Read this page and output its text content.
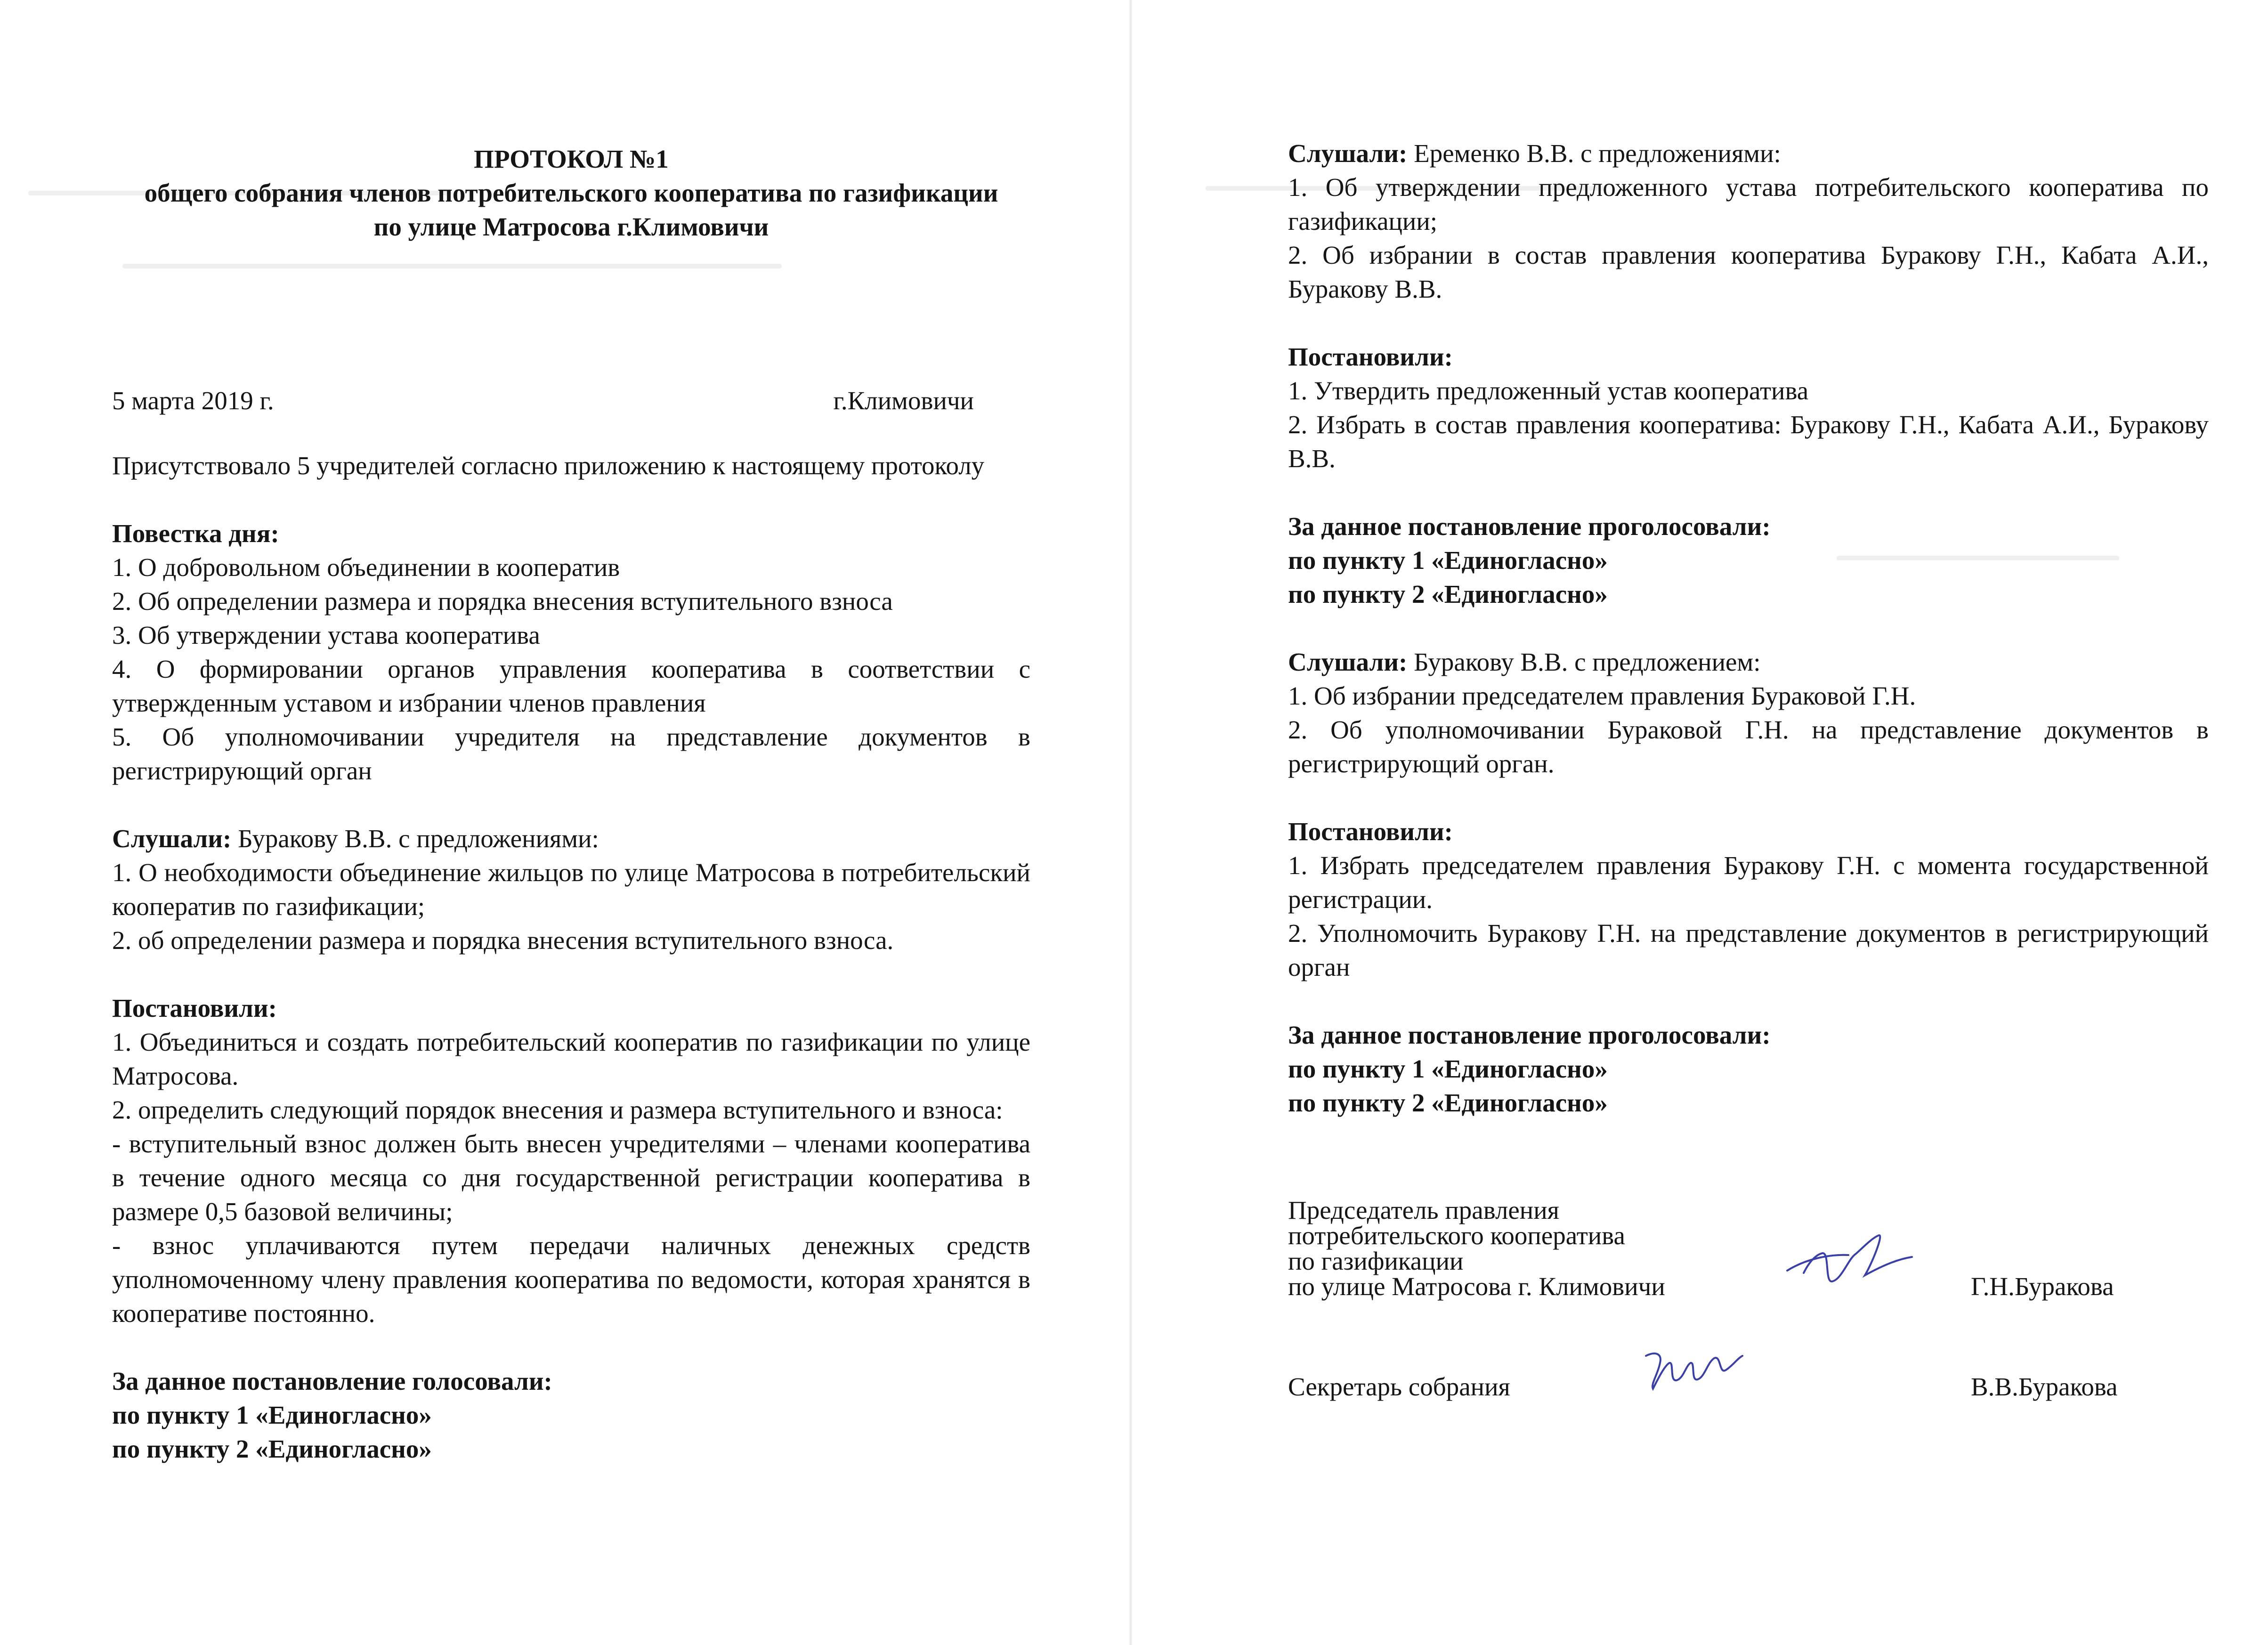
ПРОТОКОЛ №1
общего собрания членов потребительского кооператива по газификации
по улице Матросова г.Климовичи
5 марта 2019 г.	г.Климовичи

Присутствовало 5 учредителей согласно приложению к настоящему протоколу

Повестка дня:

1. О добровольном объединении в кооператив

2. Об определении размера и порядка внесения вступительного взноса

3. Об утверждении устава кооператива

4. О формировании органов управления кооператива в соответствии с утвержденным уставом и избрании членов правления

5. Об уполномочивании учредителя на представление документов в регистрирующий орган

Слушали: Буракову В.В. с предложениями:

1. О необходимости объединение жильцов по улице Матросова в потребительский кооператив по газификации;

2. об определении размера и порядка внесения вступительного взноса.

Постановили:

1. Объединиться и создать потребительский кооператив по газификации по улице Матросова.

2. определить следующий порядок внесения и размера вступительного и взноса:

- вступительный взнос должен быть внесен учредителями – членами кооператива в течение одного месяца со дня государственной регистрации кооператива в размере 0,5 базовой величины;

- взнос уплачиваются путем передачи наличных денежных средств уполномоченному члену правления кооператива по ведомости, которая хранятся в кооперативе постоянно.

За данное постановление голосовали:
по пункту 1 «Единогласно»
по пункту 2 «Единогласно»

Слушали: Еременко В.В. с предложениями:

1. Об утверждении предложенного устава потребительского кооператива по газификации;

2. Об избрании в состав правления кооператива Буракову Г.Н., Кабата А.И., Буракову В.В.

Постановили:

1. Утвердить предложенный устав кооператива

2. Избрать в состав правления кооператива: Буракову Г.Н., Кабата А.И., Буракову В.В.

За данное постановление проголосовали:
по пункту 1 «Единогласно»
по пункту 2 «Единогласно»

Слушали: Буракову В.В. с предложением:

1. Об избрании председателем правления Бураковой Г.Н.

2. Об уполномочивании Бураковой Г.Н. на представление документов в регистрирующий орган.

Постановили:

1. Избрать председателем правления Буракову Г.Н. с момента государственной регистрации.

2. Уполномочить Буракову Г.Н. на представление документов в регистрирующий орган

За данное постановление проголосовали:
по пункту 1 «Единогласно»
по пункту 2 «Единогласно»
Председатель правления
потребительского кооператива
по газификации
по улице Матросова г. Климовичи	Г.Н.Буракова
Секретарь собрания	В.В.Буракова
